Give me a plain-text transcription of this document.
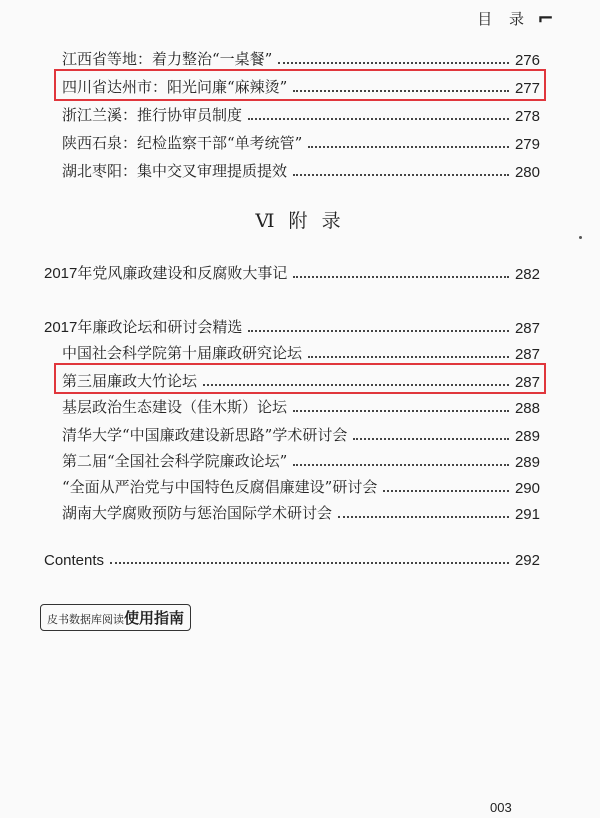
目 录 ⌐
江西省等地：着力整治“一桌餐”	276
四川省达州市：阳光问廉“麻辣烫”	277
浙江兰溪：推行协审员制度	278
陕西石泉：纪检监察干部“单考统管”	279
湖北枣阳：集中交叉审理提质提效	280
Ⅵ 附 录
2017年党风廉政建设和反腐败大事记	282
2017年廉政论坛和研讨会精选	287
中国社会科学院第十届廉政研究论坛	287
第三届廉政大竹论坛	287
基层政治生态建设（佳木斯）论坛	288
清华大学“中国廉政建设新思路”学术研讨会	289
第二届“全国社会科学院廉政论坛”	289
“全面从严治党与中国特色反腐倡廉建设”研讨会	290
湖南大学腐败预防与惩治国际学术研讨会	291
Contents	292
皮书数据库阅读使用指南
003
